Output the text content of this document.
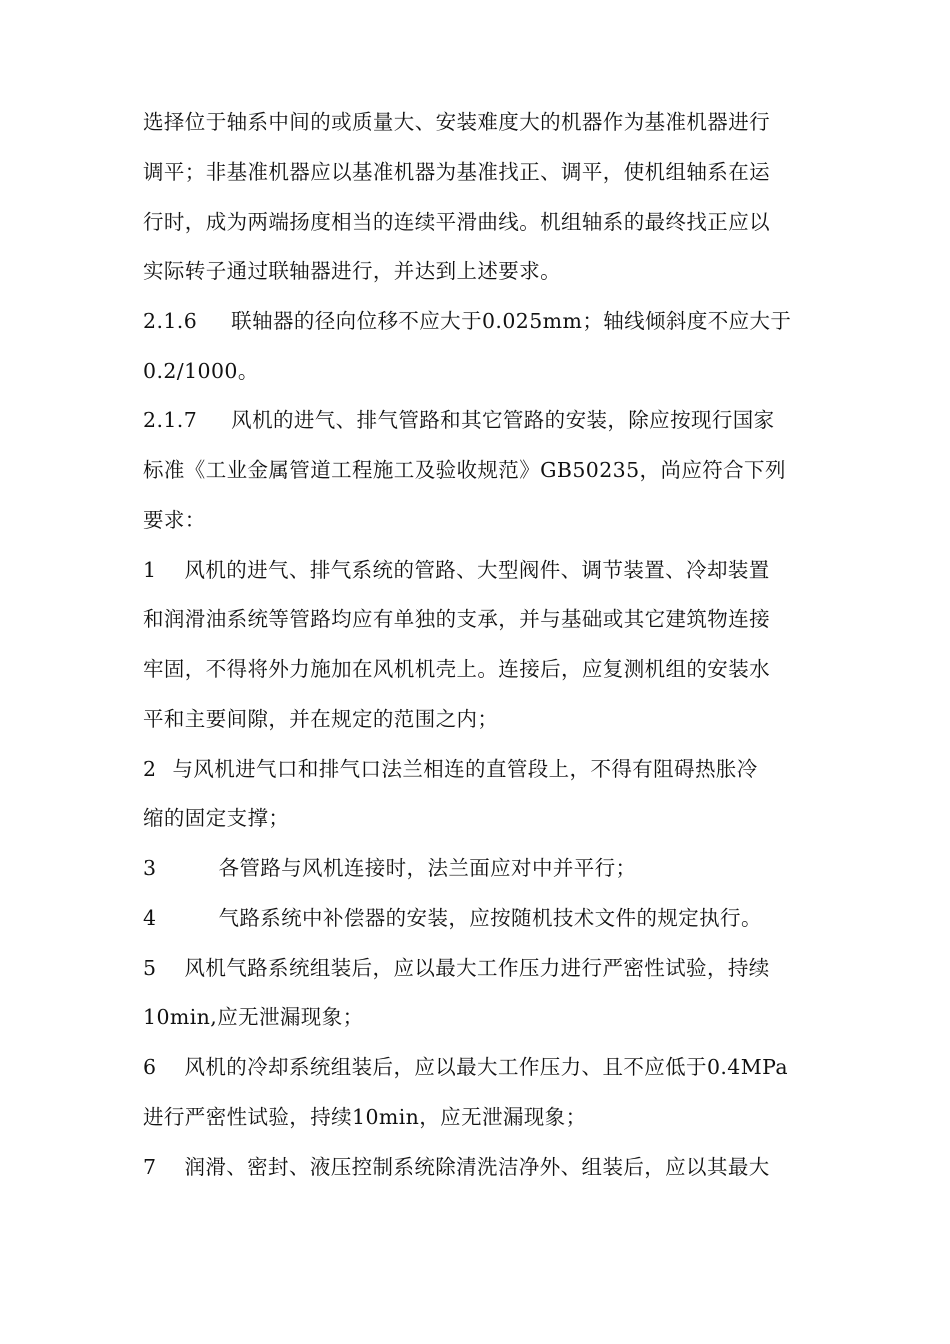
选择位于轴系中间的或质量大、安装难度大的机器作为基准机器进行
调平；非基准机器应以基准机器为基准找正、调平，使机组轴系在运
行时，成为两端扬度相当的连续平滑曲线。机组轴系的最终找正应以
实际转子通过联轴器进行，并达到上述要求。
2.1.6 联轴器的径向位移不应大于0.025mm；轴线倾斜度不应大于
0.2/1000。
2.1.7 风机的进气、排气管路和其它管路的安装，除应按现行国家
标准《工业金属管道工程施工及验收规范》GB50235，尚应符合下列
要求：
1 风机的进气、排气系统的管路、大型阀件、调节装置、冷却装置
和润滑油系统等管路均应有单独的支承，并与基础或其它建筑物连接
牢固，不得将外力施加在风机机壳上。连接后，应复测机组的安装水
平和主要间隙，并在规定的范围之内；
2 与风机进气口和排气口法兰相连的直管段上，不得有阻碍热胀冷
缩的固定支撑；
3	各管路与风机连接时，法兰面应对中并平行；
4	气路系统中补偿器的安装，应按随机技术文件的规定执行。
5 风机气路系统组装后，应以最大工作压力进行严密性试验，持续
10min,应无泄漏现象；
6 风机的冷却系统组装后，应以最大工作压力、且不应低于0.4MPa
进行严密性试验，持续10min，应无泄漏现象；
7 润滑、密封、液压控制系统除清洗洁净外、组装后，应以其最大
